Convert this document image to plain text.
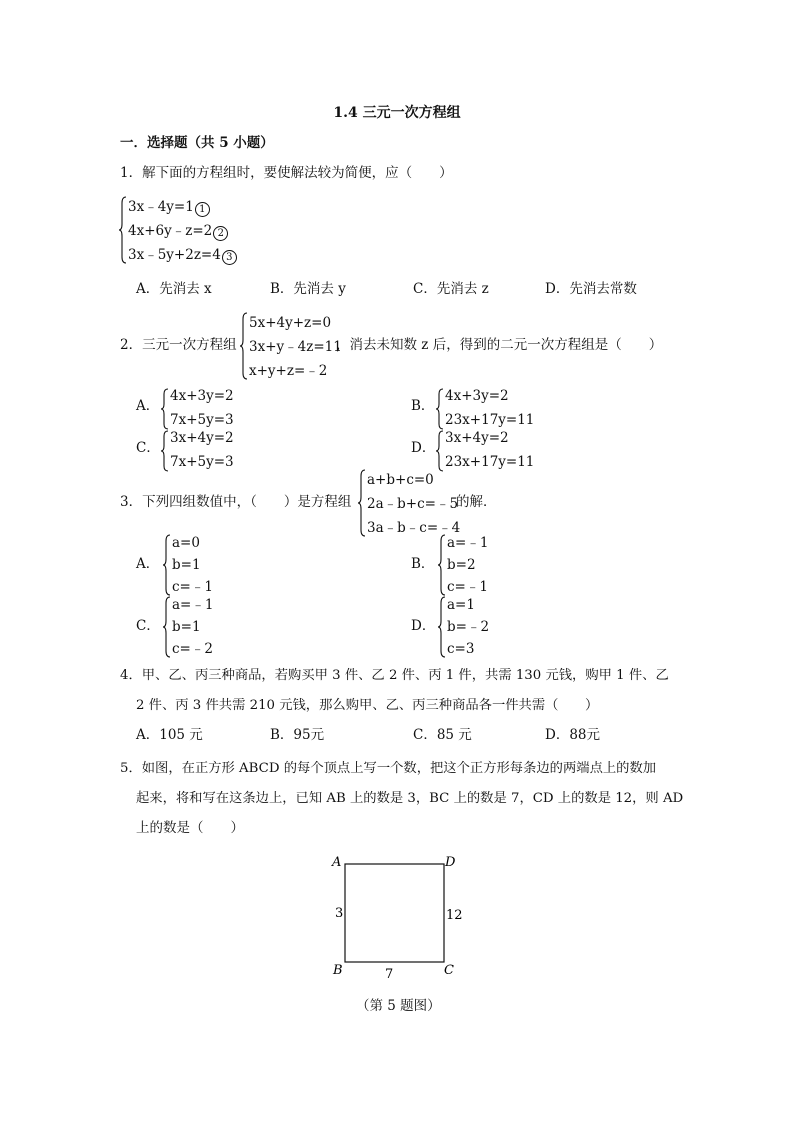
1.4 三元一次方程组
一．选择题（共 5 小题）
1．解下面的方程组时，要使解法较为简便，应（　　）
3x﹣4y=1 1
4x+6y﹣z=2 2
3x﹣5y+2z=4 3
A．先消去 x	B．先消去 y	C．先消去 z	D．先消去常数
2．三元一次方程组
5x+4y+z=0
3x+y﹣4z=11
x+y+z=﹣2
，消去未知数 z 后，得到的二元一次方程组是（　　）
A．
4x+3y=2
7x+5y=3
B．
4x+3y=2
23x+17y=11
C．
3x+4y=2
7x+5y=3
D．
3x+4y=2
23x+17y=11
3．下列四组数值中，（　　）是方程组
a+b+c=0
2a﹣b+c=﹣5
3a﹣b﹣c=﹣4
的解．
A．
a=0
b=1
c=﹣1
B．
a=﹣1
b=2
c=﹣1
C．
a=﹣1
b=1
c=﹣2
D．
a=1
b=﹣2
c=3
4．甲、乙、丙三种商品，若购买甲 3 件、乙 2 件、丙 1 件，共需 130 元钱，购甲 1 件、乙
2 件、丙 3 件共需 210 元钱，那么购甲、乙、丙三种商品各一件共需（　　）
A．105 元	B．95元	C．85 元	D．88元
5．如图，在正方形 ABCD 的每个顶点上写一个数，把这个正方形每条边的两端点上的数加
起来，将和写在这条边上，已知 AB 上的数是 3，BC 上的数是 7，CD 上的数是 12，则 AD
上的数是（　　）
A
B	C
D
3
7
12
（第 5 题图）
